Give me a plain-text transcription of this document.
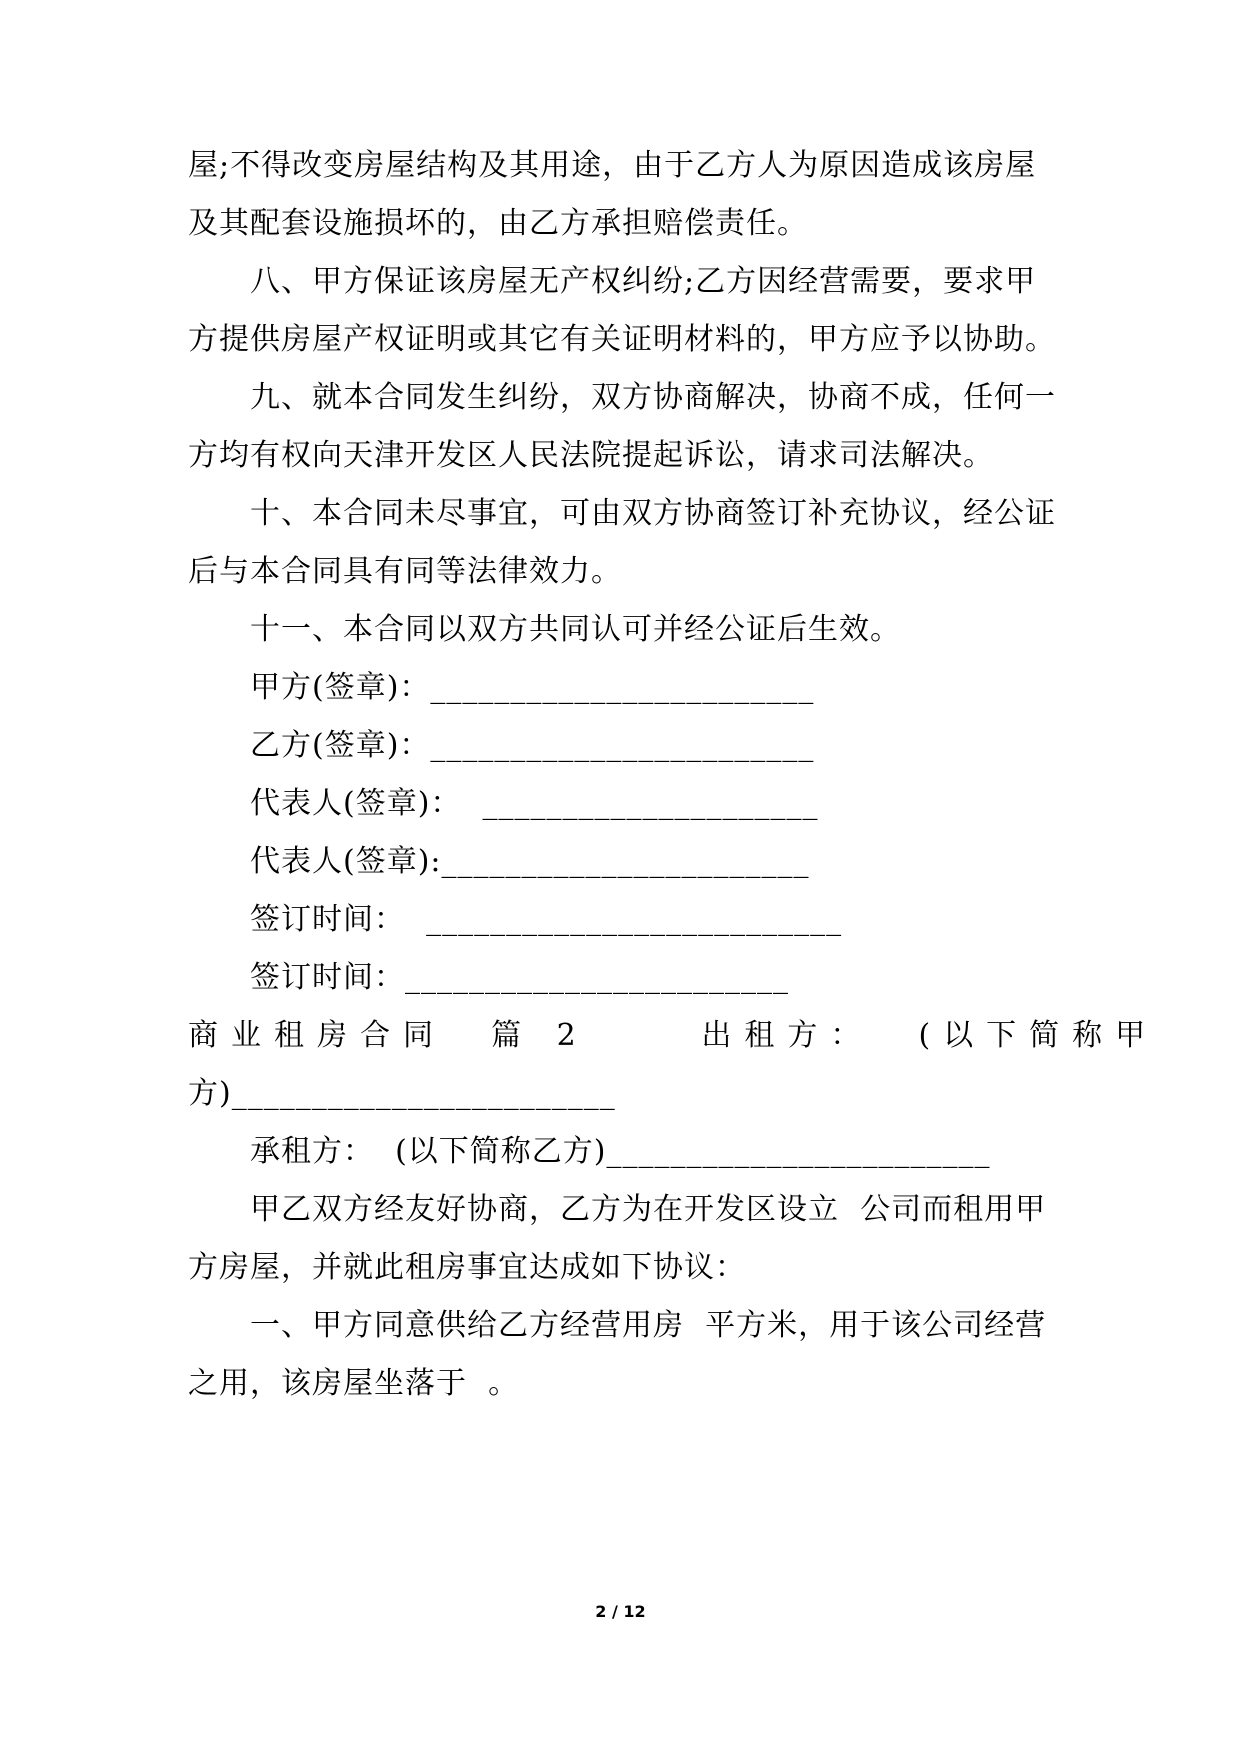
屋;不得改变房屋结构及其用途，由于乙方人为原因造成该房屋
及其配套设施损坏的，由乙方承担赔偿责任。
八、甲方保证该房屋无产权纠纷;乙方因经营需要，要求甲
方提供房屋产权证明或其它有关证明材料的，甲方应予以协助。
九、就本合同发生纠纷，双方协商解决，协商不成，任何一
方均有权向天津开发区人民法院提起诉讼，请求司法解决。
十、本合同未尽事宜，可由双方协商签订补充协议，经公证
后与本合同具有同等法律效力。
十一、本合同以双方共同认可并经公证后生效。
甲方(签章)：________________________
乙方(签章)：________________________
代表人(签章)：  _____________________
代表人(签章):_______________________
签订时间：  __________________________
签订时间：________________________
商业租房合同  篇 2     出租方：  (以下简称甲
方)________________________
承租方：  (以下简称乙方)________________________
甲乙双方经友好协商，乙方为在开发区设立  公司而租用甲
方房屋，并就此租房事宜达成如下协议：
一、甲方同意供给乙方经营用房  平方米，用于该公司经营
之用，该房屋坐落于  。
2 / 12
